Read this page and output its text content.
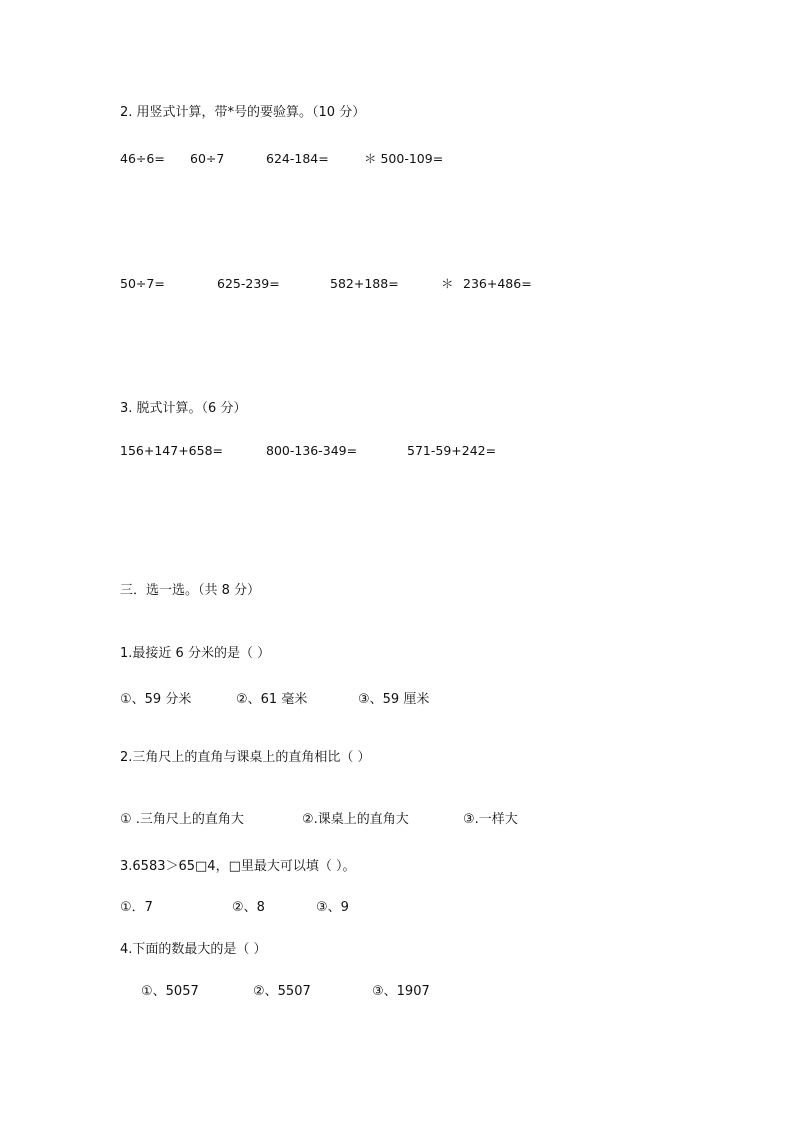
2. 用竖式计算，带*号的要验算。（10 分）
46÷6= 60÷7	624-184=	＊ 500-109=
50÷7=	625-239=	582+188=	＊ 236+486=
3. 脱式计算。（6 分）
156+147+658=	800-136-349=	571-59+242=
三．选一选。（共 8 分）
1.最接近 6 分米的是（ ）
①、59 分米	②、61 毫米	③、59 厘米
2.三角尺上的直角与课桌上的直角相比（ ）
① .三角尺上的直角大	②.课桌上的直角大	③.一样大
3.6583＞65□4，□里最大可以填（ ）。
①．7	②、8	③、9
4.下面的数最大的是（ ）
①、5057	②、5507	③、1907
